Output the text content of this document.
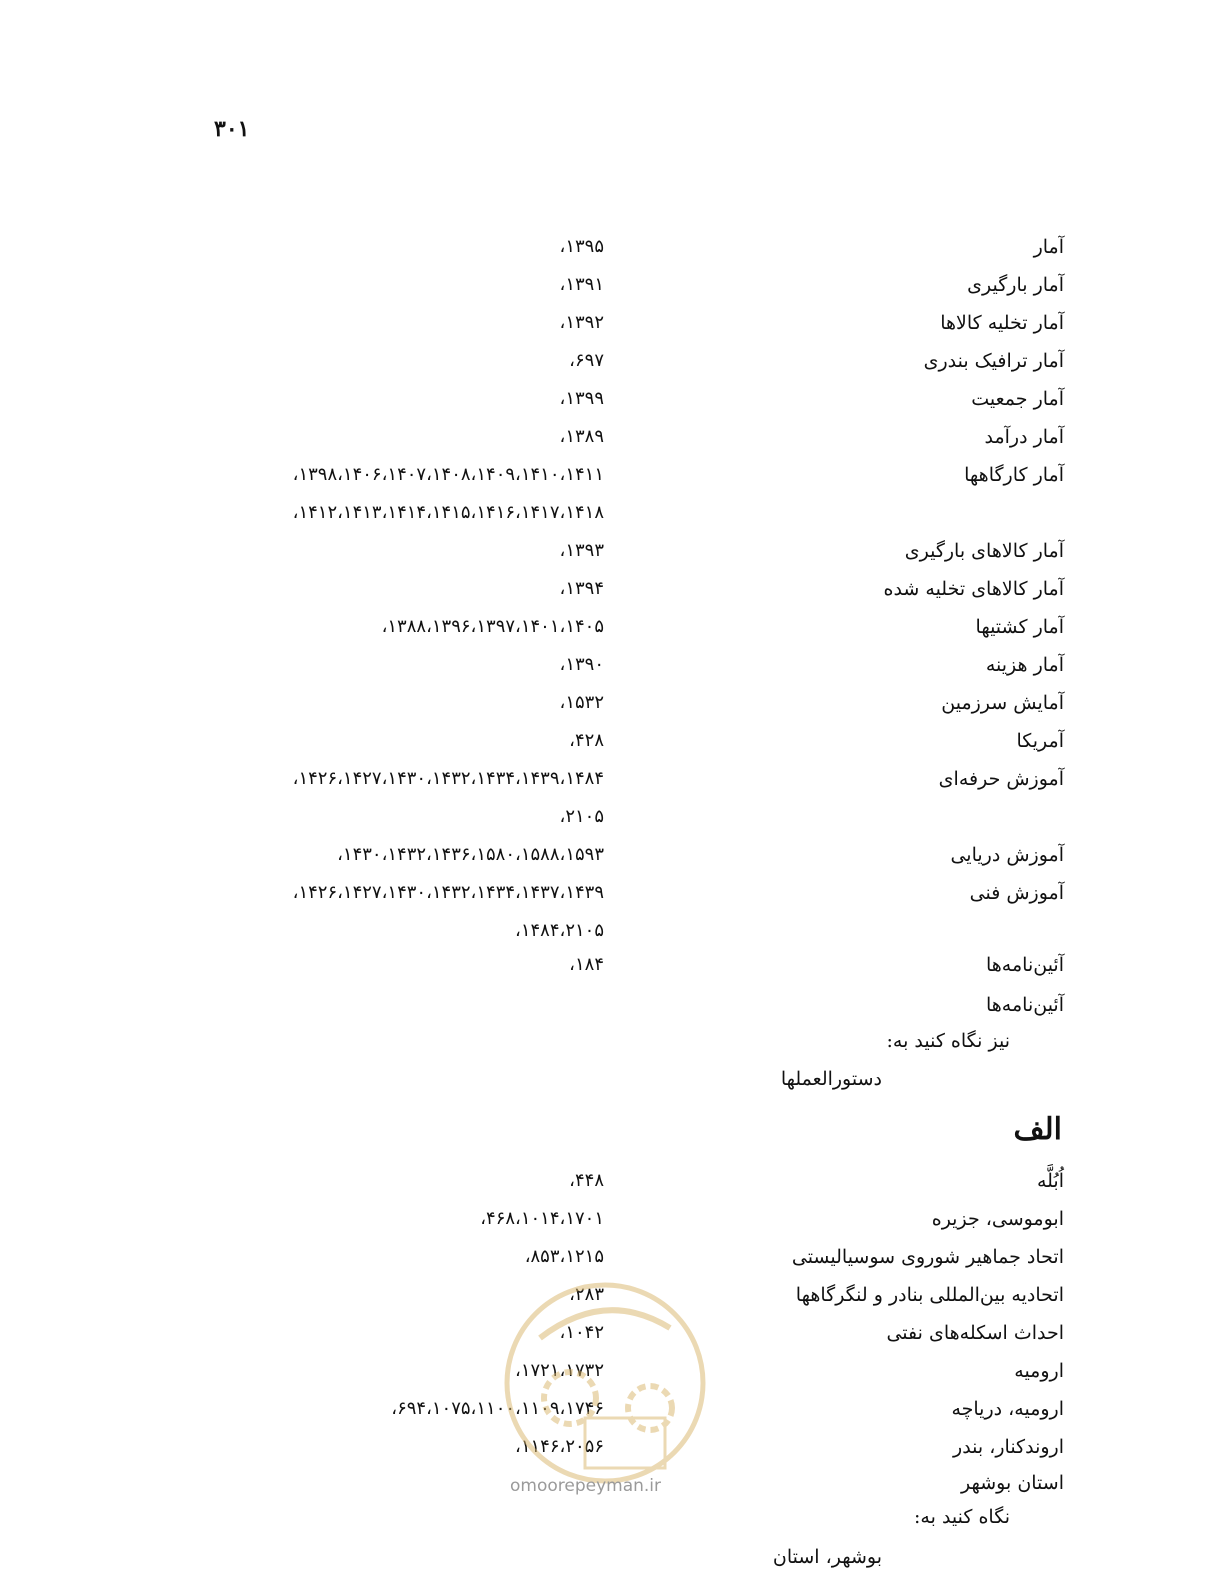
۳۰۱
آمار
۱۳۹۵،
آمار بارگیری
۱۳۹۱،
آمار تخلیه کالاها
۱۳۹۲،
آمار ترافیک بندری
۶۹۷،
آمار جمعیت
۱۳۹۹،
آمار درآمد
۱۳۸۹،
آمار کارگاهها
۱۳۹۸،۱۴۰۶،۱۴۰۷،۱۴۰۸،۱۴۰۹،۱۴۱۰،۱۴۱۱،
۱۴۱۲،۱۴۱۳،۱۴۱۴،۱۴۱۵،۱۴۱۶،۱۴۱۷،۱۴۱۸،
آمار کالاهای بارگیری
۱۳۹۳،
آمار کالاهای تخلیه شده
۱۳۹۴،
آمار کشتیها
۱۳۸۸،۱۳۹۶،۱۳۹۷،۱۴۰۱،۱۴۰۵،
آمار هزینه
۱۳۹۰،
آمایش سرزمین
۱۵۳۲،
آمریکا
۴۲۸،
آموزش حرفه‌ای
۱۴۲۶،۱۴۲۷،۱۴۳۰،۱۴۳۲،۱۴۳۴،۱۴۳۹،۱۴۸۴،
۲۱۰۵،
آموزش دریایی
۱۴۳۰،۱۴۳۲،۱۴۳۶،۱۵۸۰،۱۵۸۸،۱۵۹۳،
آموزش فنی
۱۴۲۶،۱۴۲۷،۱۴۳۰،۱۴۳۲،۱۴۳۴،۱۴۳۷،۱۴۳۹،
۱۴۸۴،۲۱۰۵،
آئین‌نامه‌ها
۱۸۴،
آئین‌نامه‌ها
نیز نگاه کنید به:
دستورالعملها
الف
اُبُلَّه
۴۴۸،
ابوموسی، جزیره
۴۶۸،۱۰۱۴،۱۷۰۱،
اتحاد جماهیر شوروی سوسیالیستی
۸۵۳،۱۲۱۵،
اتحادیه بین‌المللی بنادر و لنگرگاهها
۲۸۳،
احداث اسکله‌های نفتی
۱۰۴۲،
ارومیه
۱۷۲۱،۱۷۳۲،
ارومیه، دریاچه
۶۹۴،۱۰۷۵،۱۱۰۰،۱۱۰۹،۱۷۴۶،
اروندکنار، بندر
۱۱۴۶،۲۰۵۶،
استان بوشهر
نگاه کنید به:
بوشهر، استان
omoorepeyman.ir
